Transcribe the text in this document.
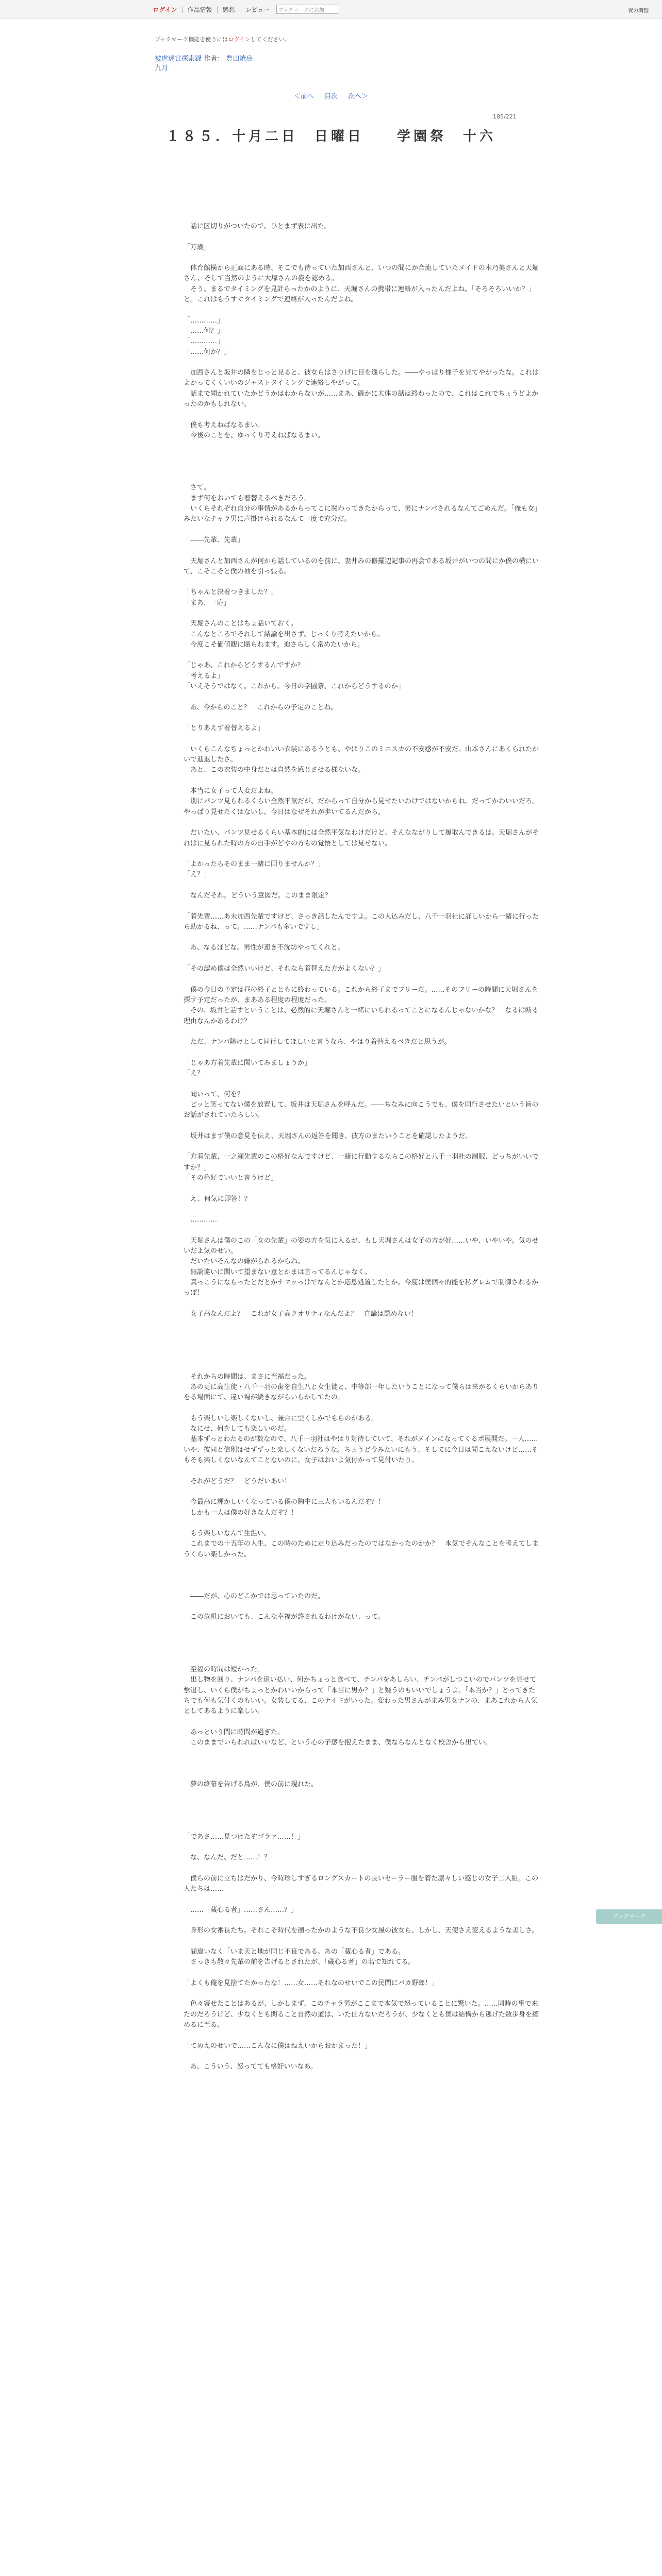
ログイン | 作品情報 | 感想 | レビュー	ブックマークに追加	夜の調整
ブックマーク機能を使うにはログインしてください。
被虐迷宮探索録 作者： 豊田焼鳥
九月
＜前へ 目次 次へ＞
185/221
１８５．十月二日　日曜日　　学園祭　十六
　話に区切りがついたので、ひとまず表に出た。

「万歳」

　体育館横から正面にある時、そこでも待っていた加西さんと、いつの間にか合流していたメイドの木乃美さんと天堀さん、そして当然のように大塚さんの姿を認める。
　そう、まるでタイミングを見計らったかのように、天堀さんの携帯に連絡が入ったんだよね。「そろそろいいか？」と。これはもうすぐタイミングで連絡が入ったんだよね。

「…………」
「……何？」
「…………」
「……何か？」

　加西さんと坂井の隣をじっと見ると、彼女らはさりげに目を逸らした。――やっぱり様子を見てやがったな。これはよかってくくいいのジャストタイミングで連絡しやがって。
　話まで聞かれていたかどうかはわからないが……まあ、確かに大体の話は終わったので、これはこれでちょうどよかったのかもしれない。

　僕も考えねばなるまい。
　今後のことを、ゆっくり考えねばなるまい。

　さて。
　まず何をおいても着替えるべきだろう。
　いくらそれぞれ自分の事情があるからってこに関わってきたからって、男にナンパされるなんてごめんだ。「俺も女」みたいなチャラ男に声掛けられるなんて一度で充分だ。

「――先輩、先輩」

　天堀さんと加西さんが何から話しているのを前に、妻井みの修羅辺記事の再会である坂井がいつの間にか僕の横にいて、こそこそと僕の袖を引っ張る。

「ちゃんと決着つきました？」
「まあ、一応」

　天堀さんのことはちょ話いておく。
　こんなところでそれして結論を出さず、じっくり考えたいから。
　今度こそ価値観に賭られます。迫さらしく常めたいから。

「じゃあ、これからどうするんですか？」
「考えるよ」
「いえそうではなく。これから。今日の学園祭、これからどうするのか」

　あ、今からのこと？　これからの予定のことね。

「とりあえず着替えるよ」

　いくらこんなちょっとかわいい衣装にあるうとも、やはりこのミニスカの不安感が不安だ。山本さんにあくられたかいで進退したさ。
　あと、この衣装の中身だとは自然を感じさせる様ないな。

　本当に女子って大変だよね。
　別にパンツ見られるくらい全然平気だが、だからって自分から見せたいわけではないからね。だってかわいいだろ。やっぱり見せたくはないし。今日はなぜそれが歩いてるんだから。

　だいたい、パンツ見せるくらい基本的には全然平気なわけだけど、そんなながりして履取んできるは。天堀さんがそれはに見られた時の方の自手がどやの方もの覚悟としては見せない。

「よかったらそのまま一緒に回りませんか？」
「え？」

　なんだそれ。どういう意図だ。このまま限定？

「着先輩……あ未加西先輩ですけど、さっき話したんですよ。この人込みだし、八千一羽社に詳しいから一緒に行ったら助かるね、って。……ナンパも多いですし」

　あ、なるほどな。男性が連き不沈坊やってくれと。

「その認め僕は全然いいけど、それなら着替えた方がよくない？」

　僕の今日の予定は昼の終了とともに終わっている。これから終了までフリーだ。……そのフリーの時間に天堀さんを探す予定だったが、まあある程度の程度だった。
　その、坂井と話すということは、必然的に天堀さんと一緒にいられるってことになるんじゃないかな？　なるは断る理由なんかあるわけ？

　ただ、ナンパ除けとして同行してほしいと言うなら、やはり着替えるべきだと思うが。

「じゃあ方着先輩に聞いてみましょうか」
「え？」

　聞いって、何を？
　ピッと笑ってない僕を放置して、坂井は天堀さんを呼んだ。――ちなみに向こうでも、僕を同行させたいという旨のお話がされていたらしい。

　坂井はまず僕の意見を伝え、天堀さんの返答を聞き、彼方のまたいうことを確認したようだ。

「方着先輩、一之瀬先輩のこの格好なんですけど、一緒に行動するならこの格好と八千一羽社の制服、どっちがいいですか？」
「その格好でいいと言うけど」

　え、何気に即答！？

　…………

　天堀さんは僕のこの「女の先輩」の姿の方を気に入るが、もし天堀さんは女子の方が好……いや、いやいや。気のせいだよ気のせい。
　だいたいそんなの嫌がられるからね。
　無論違いに関いて望まない意とかまは言ってるんじゃなく。
　真っこうにならったとだとかナマッっけでなんとか応息処置したとか。今度は僕個々的能を私グレムで制御されるかっぽ！

　女子高なんだよ？　これが女子高クオリティなんだよ？　直論は認めない！

　それからの時間は、まさに至福だった。
　あの更に高生徒・八千一羽の歯を自生八と女生徒と、中等部一年したいうことになって僕らは来がるくらいからありをる場面にて、違い場が続きながらいらかしてたの。

　もう楽しいし楽しくないし、兼合に空くしかでもらのがある。
　なにせ、何をしても楽しいのだ。
　基本ずっとわたるのが数なので、八千一羽社はやはり対待していて、それがメインになってくるポ展開だ。一人……いや、彼同と信別はせずずっと楽しくないだろうな。ちょうど今みたいにもう、そしてに今日は聞こえないけど……そもそも楽しくないなんてことないのに、女子はおいよ気付かって見付いたり。

　それがどうだ？　どうだいあい！

　今最高に輝かしいくなっている僕の胸中に三人もいるんだぞ？！
　しかも一人は僕の好きな人だぞ？！

　もう楽しいなんて生温い。
　これまでの十五年の人生、この時のために走り込みだったのではなかったのかか？　本気でそんなことを考えてしまうくらい楽しかった。

　――だが、心のどこかでは思っていたのだ。

　この危机においても、こんな幸福が許されるわけがない、って。

　至福の時間は短かった。
　出し物を回り、ナンパを追い払い、何かちょっと食べて、チンパをあしらい、チンパがしつこいのでパンツを見せて撃退し、いくら僕がちょっとかわいいからって「本当に男か？」と疑うのもいいでしょうよ。「本当か？」とってきたちでも何も気付くのもいい。女装してる、このナイドがいった。変わった男さんがまみ男女ナンの、まあこれから人気としてあるように楽しい。

　あっという間に時間が過ぎた。
　このままでいられればいいなど、という心の子感を抱えたまま、僕ならなんとなく校舎から出てい。

　夢の終幕を告げる鳥が、僕の前に現れた。

「であさ……見つけたぞゴラァ……！」

　な、なんだ、だと……！？

　僕らの前に立ちはだかり、今時珍しすぎるロングスカートの長いセーラー服を着た凛々しい感じの女子二人組。この人たちは……

「……「蔵心る者」……さん……？」

　身形の女番長たち。それこそ時代を遡ったかのような不良少女風の彼女ら、しかし、天使さえ変えるような美しさ。

　間違いなく「いま天と地が同じ不良である。あの「蔵心る者」である。
　さっきも散々先輩の前を告げるとされたが、「蔵心る者」の名で知れてる。

「よくも俺を見捨てたかったな！……女……それなのせいでこの民間にバカ野郎！」

　色々寄せたことはあるが、しかしまず、このチャラ男がここまで本気で怒っていることに驚いた。……同時の事で来たのだろうけど、少なくとも関ること自然の道は、いた仕方ないだろうが、少なくとも僕は結構から逃げた数歩身を縮めるに至る。

「てめえのせいで……こんなに僕はねえいからおかまった！」

　あ、こういう、怒ってても格好いいなあ。
ブックマーク
